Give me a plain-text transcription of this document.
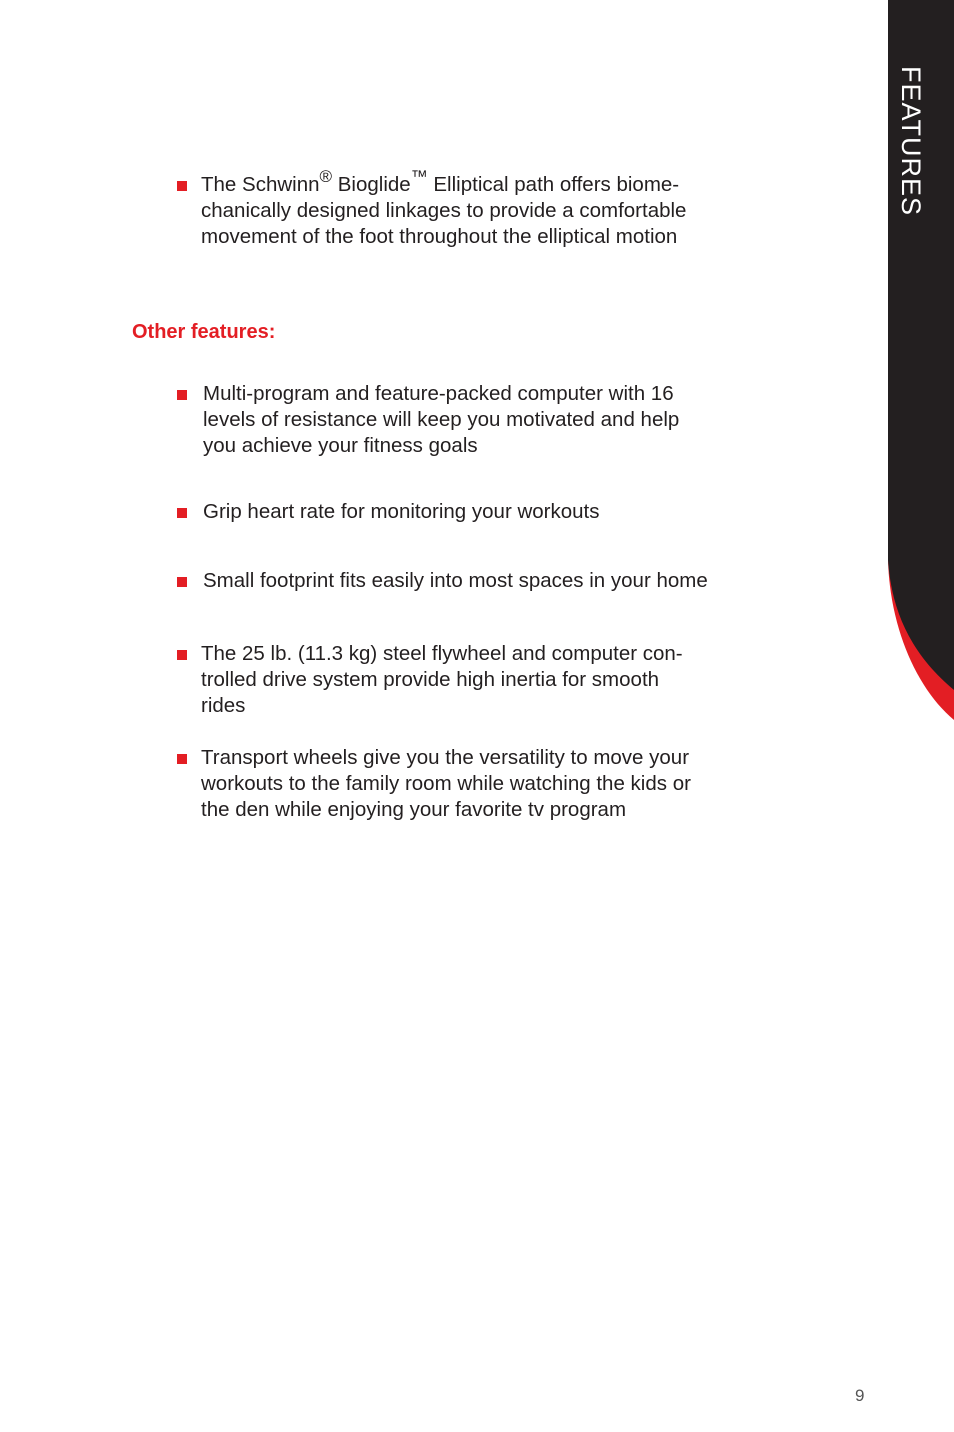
FEATURES
The Schwinn® Bioglide™ Elliptical path offers biome-
chanically designed linkages to provide a comfortable
movement of the foot throughout the elliptical motion
Other features:
Multi-program and feature-packed computer with 16
levels of resistance will keep you motivated and help
you achieve your fitness goals
Grip heart rate for monitoring your workouts
Small footprint fits easily into most spaces in your home
The 25 lb. (11.3 kg) steel flywheel and computer con-
trolled drive system provide high inertia for smooth
rides
Transport wheels give you the versatility to move your
workouts to the family room while watching the kids or
the den while enjoying your favorite tv program
9
